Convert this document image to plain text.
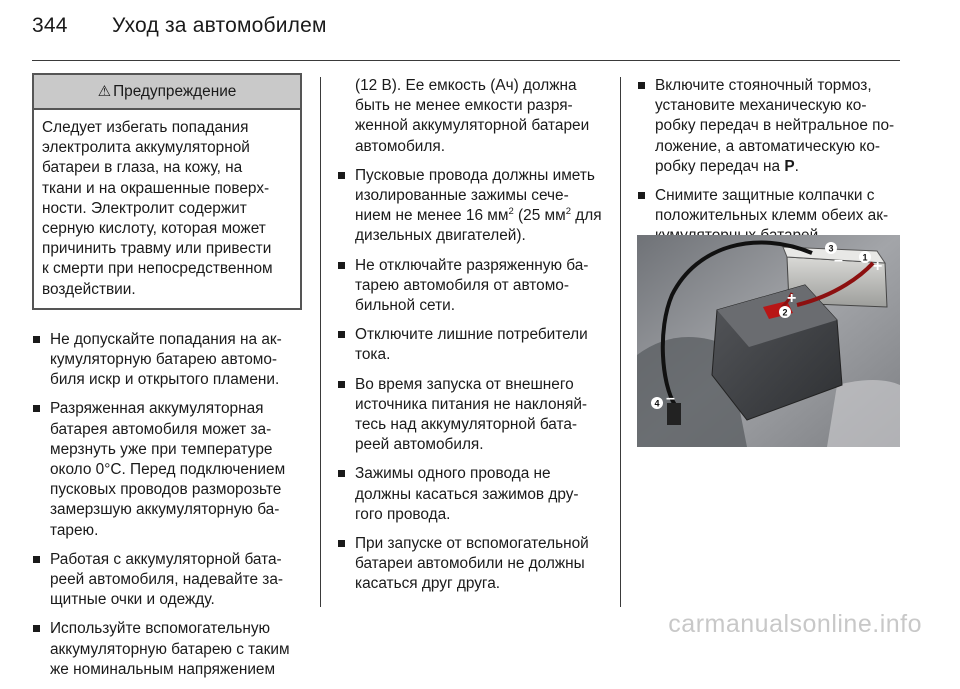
344 Уход за автомобилем
⚠ Предупреждение
Следует избегать попадания
электролита аккумуляторной
батареи в глаза, на кожу, на
ткани и на окрашенные поверх-
ности. Электролит содержит
серную кислоту, которая может
причинить травму или привести
к смерти при непосредственном
воздействии.
Не допускайте попадания на ак-
кумуляторную батарею автомо-
биля искр и открытого пламени.
Разряженная аккумуляторная
батарея автомобиля может за-
мерзнуть уже при температуре
около 0°C. Перед подключением
пусковых проводов разморозьте
замерзшую аккумуляторную ба-
тарею.
Работая с аккумуляторной бата-
реей автомобиля, надевайте за-
щитные очки и одежду.
Используйте вспомогательную
аккумуляторную батарею с таким
же номинальным напряжением
(12 В). Ее емкость (Ач) должна
быть не менее емкости разря-
женной аккумуляторной батареи
автомобиля.
Пусковые провода должны иметь
изолированные зажимы сече-
нием не менее 16 $мм^2$ (25 $мм^2$ для
дизельных двигателей).
Не отключайте разряженную ба-
тарею автомобиля от автомо-
бильной сети.
Отключите лишние потребители
тока.
Во время запуска от внешнего
источника питания не наклоняй-
тесь над аккумуляторной бата-
реей автомобиля.
Зажимы одного провода не
должны касаться зажимов дру-
гого провода.
При запуске от вспомогательной
батареи автомобили не должны
касаться друг друга.
Включите стояночный тормоз,
установите механическую ко-
робку передач в нейтральное по-
ложение, а автоматическую ко-
робку передач на P.
Снимите защитные колпачки с
положительных клемм обеих ак-
1
2
3
4
+
–
+
–
carmanualsonline.info
